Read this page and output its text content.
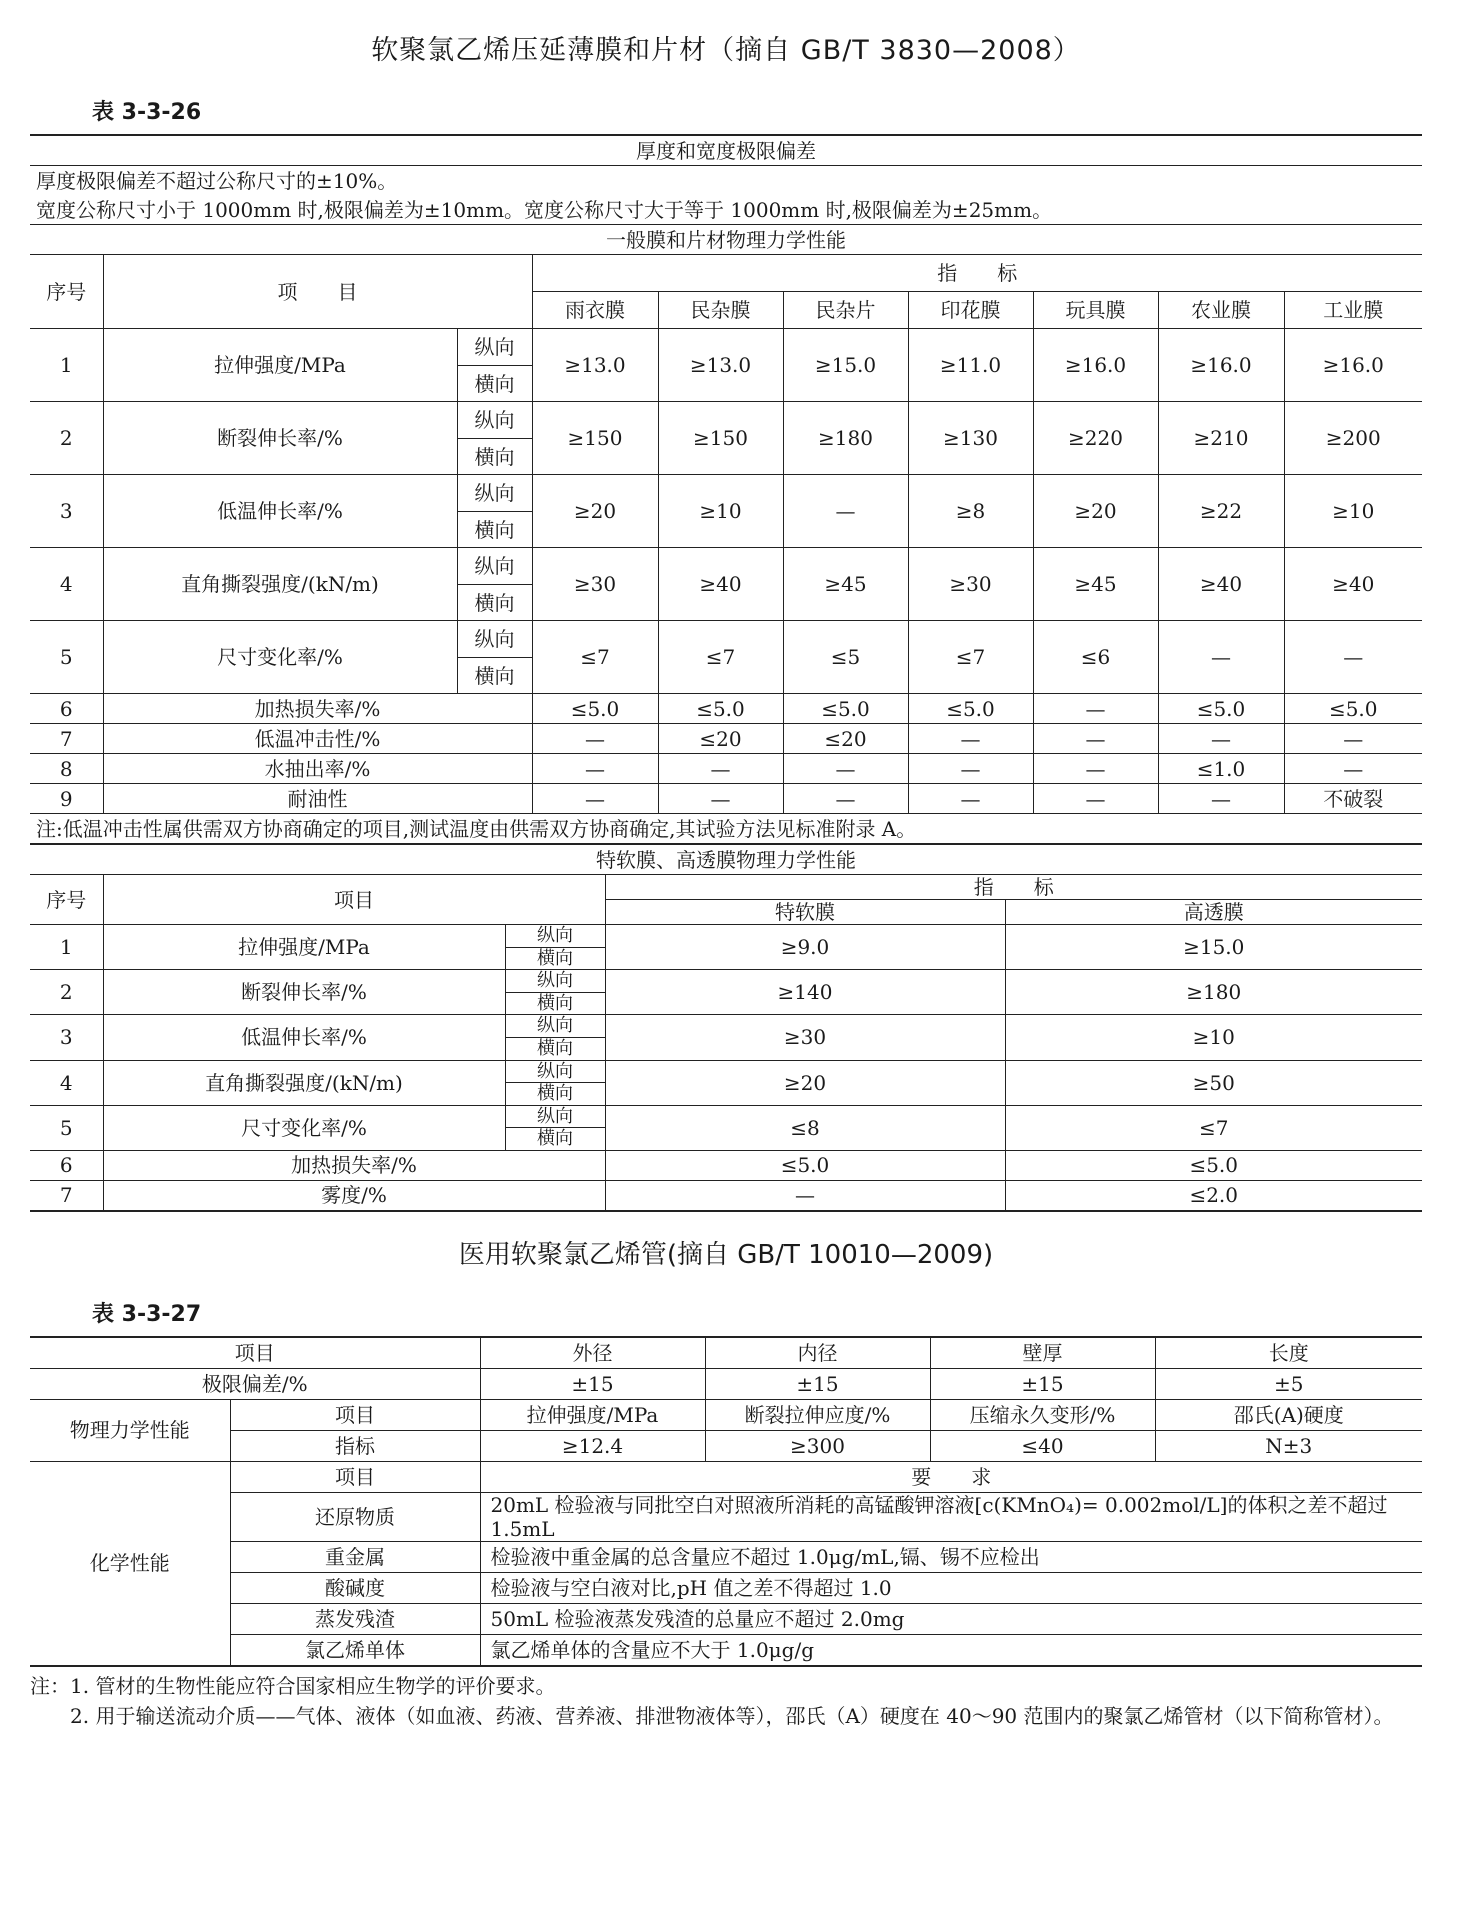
软聚氯乙烯压延薄膜和片材（摘自 GB/T 3830—2008）
表 3-3-26
厚度和宽度极限偏差									
厚度极限偏差不超过公称尺寸的±10%。									
宽度公称尺寸小于 1000mm 时,极限偏差为±10mm。宽度公称尺寸大于等于 1000mm 时,极限偏差为±25mm。									
一般膜和片材物理力学性能									
序号	项　　目		指　　标						
			雨衣膜	民杂膜	民杂片	印花膜	玩具膜	农业膜	工业膜
1	拉伸强度/MPa	纵向	≥13.0	≥13.0	≥15.0	≥11.0	≥16.0	≥16.0	≥16.0
		横向							
2	断裂伸长率/%	纵向	≥150	≥150	≥180	≥130	≥220	≥210	≥200
		横向							
3	低温伸长率/%	纵向	≥20	≥10	—	≥8	≥20	≥22	≥10
		横向							
4	直角撕裂强度/(kN/m)	纵向	≥30	≥40	≥45	≥30	≥45	≥40	≥40
		横向							
5	尺寸变化率/%	纵向	≤7	≤7	≤5	≤7	≤6	—	—
		横向							
6	加热损失率/%		≤5.0	≤5.0	≤5.0	≤5.0	—	≤5.0	≤5.0
7	低温冲击性/%		—	≤20	≤20	—	—	—	—
8	水抽出率/%		—	—	—	—	—	≤1.0	—
9	耐油性		—	—	—	—	—	—	不破裂
注:低温冲击性属供需双方协商确定的项目,测试温度由供需双方协商确定,其试验方法见标准附录 A。									
特软膜、高透膜物理力学性能				
序号	项目		指　　标	
			特软膜	高透膜
1	拉伸强度/MPa	纵向	≥9.0	≥15.0
		横向		
2	断裂伸长率/%	纵向	≥140	≥180
		横向		
3	低温伸长率/%	纵向	≥30	≥10
		横向		
4	直角撕裂强度/(kN/m)	纵向	≥20	≥50
		横向		
5	尺寸变化率/%	纵向	≤8	≤7
		横向		
6	加热损失率/%		≤5.0	≤5.0
7	雾度/%		—	≤2.0
医用软聚氯乙烯管(摘自 GB/T 10010—2009)
表 3-3-27
项目		外径	内径	壁厚	长度
极限偏差/%		±15	±15	±15	±5
物理力学性能	项目	拉伸强度/MPa	断裂拉伸应度/%	压缩永久变形/%	邵氏(A)硬度
	指标	≥12.4	≥300	≤40	N±3
化学性能	项目	要　　求			
	还原物质	20mL 检验液与同批空白对照液所消耗的高锰酸钾溶液[c(KMnO₄)= 0.002mol/L]的体积之差不超过 1.5mL			
	重金属	检验液中重金属的总含量应不超过 1.0μg/mL,镉、锡不应检出			
	酸碱度	检验液与空白液对比,pH 值之差不得超过 1.0			
	蒸发残渣	50mL 检验液蒸发残渣的总量应不超过 2.0mg			
	氯乙烯单体	氯乙烯单体的含量应不大于 1.0μg/g			
注：1. 管材的生物性能应符合国家相应生物学的评价要求。
2. 用于输送流动介质——气体、液体（如血液、药液、营养液、排泄物液体等），邵氏（A）硬度在 40～90 范围内的聚氯乙烯管材（以下简称管材）。
